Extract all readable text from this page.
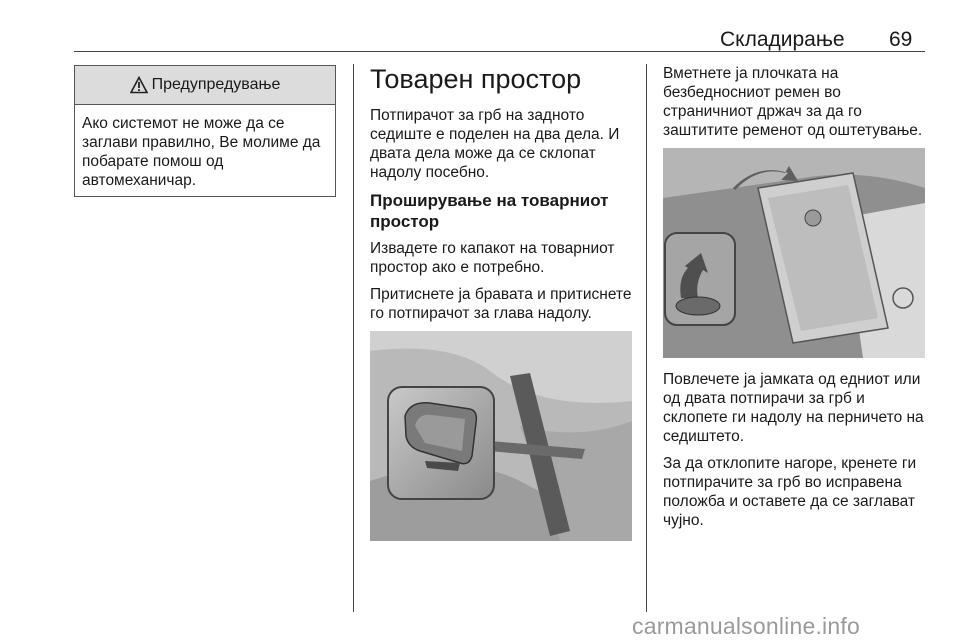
Складирање 69
Предупредување
Ако системот не може да се заглави правилно, Ве молиме да побарате помош од автомеханичар.
Товарен простор

Потпирачот за грб на задното седиште е поделен на два дела. И двата дела може да се склопат надолу посебно.

Проширување на товарниот простор

Извадете го капакот на товарниот простор ако е потребно.

Притиснете ја бравата и притиснете го потпирачот за глава надолу.

Вметнете ја плочката на безбедносниот ремен во страничниот држач за да го заштитите ременот од оштетување.

Повлечете ја јамката од едниот или од двата потпирачи за грб и склопете ги надолу на перничето на седиштето.

За да отклопите нагоре, кренете ги потпирачите за грб во исправена положба и оставете да се заглават чујно.

carmanualsonline.info
